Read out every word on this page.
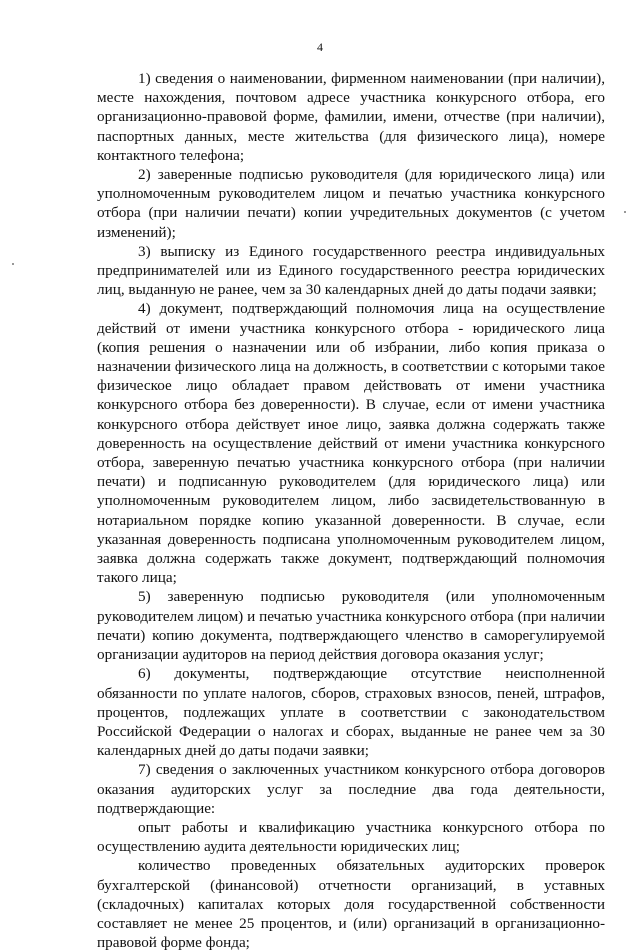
4

1) сведения о наименовании, фирменном наименовании (при наличии), месте нахождения, почтовом адресе участника конкурсного отбора, его организационно-правовой форме, фамилии, имени, отчестве (при наличии), паспортных данных, месте жительства (для физического лица), номере контактного телефона;

2) заверенные подписью руководителя (для юридического лица) или уполномоченным руководителем лицом и печатью участника конкурсного отбора (при наличии печати) копии учредительных документов (с учетом изменений);

3) выписку из Единого государственного реестра индивидуальных предпринимателей или из Единого государственного реестра юридических лиц, выданную не ранее, чем за 30 календарных дней до даты подачи заявки;

4) документ, подтверждающий полномочия лица на осуществление действий от имени участника конкурсного отбора - юридического лица (копия решения о назначении или об избрании, либо копия приказа о назначении физического лица на должность, в соответствии с которыми такое физическое лицо обладает правом действовать от имени участника конкурсного отбора без доверенности). В случае, если от имени участника конкурсного отбора действует иное лицо, заявка должна содержать также доверенность на осуществление действий от имени участника конкурсного отбора, заверенную печатью участника конкурсного отбора (при наличии печати) и подписанную руководителем (для юридического лица) или уполномоченным руководителем лицом, либо засвидетельствованную в нотариальном порядке копию указанной доверенности. В случае, если указанная доверенность подписана уполномоченным руководителем лицом, заявка должна содержать также документ, подтверждающий полномочия такого лица;

5) заверенную подписью руководителя (или уполномоченным руководителем лицом) и печатью участника конкурсного отбора (при наличии печати) копию документа, подтверждающего членство в саморегулируемой организации аудиторов на период действия договора оказания услуг;

6) документы, подтверждающие отсутствие неисполненной обязанности по уплате налогов, сборов, страховых взносов, пеней, штрафов, процентов, подлежащих уплате в соответствии с законодательством Российской Федерации о налогах и сборах, выданные не ранее чем за 30 календарных дней до даты подачи заявки;

7) сведения о заключенных участником конкурсного отбора договоров оказания аудиторских услуг за последние два года деятельности, подтверждающие:

опыт работы и квалификацию участника конкурсного отбора по осуществлению аудита деятельности юридических лиц;

количество проведенных обязательных аудиторских проверок бухгалтерской (финансовой) отчетности организаций, в уставных (складочных) капиталах которых доля государственной собственности составляет не менее 25 процентов, и (или) организаций в организационно-правовой форме фонда;
